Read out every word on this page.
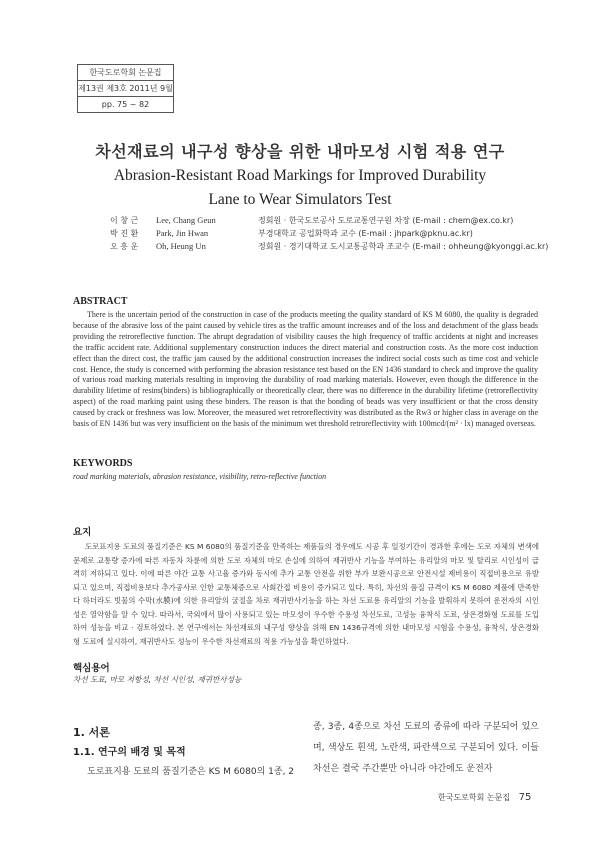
한국도로학회 논문집
제13권 제3호 2011년 9월
pp. 75 ~ 82
차선재료의 내구성 향상을 위한 내마모성 시험 적용 연구
Abrasion-Resistant Road Markings for Improved Durability Lane to Wear Simulators Test
이 창 근 Lee, Chang Geun	정회원 · 한국도로공사 도로교통연구원 차장 (E-mail : chem@ex.co.kr)
박 진 환 Park, Jin Hwan	부경대학교 공업화학과 교수 (E-mail : jhpark@pknu.ac.kr)
오 흥 운 Oh, Heung Un	정회원 · 경기대학교 도시교통공학과 조교수 (E-mail : ohheung@kyonggi.ac.kr)
ABSTRACT
There is the uncertain period of the construction in case of the products meeting the quality standard of KS M 6080, the quality is degraded because of the abrasive loss of the paint caused by vehicle tires as the traffic amount increases and of the loss and detachment of the glass beads providing the retroreflective function. The abrupt degradation of visibility causes the high frequency of traffic accidents at night and increases the traffic accident rate. Additional supplementary construction induces the direct material and construction costs. As the more cost induction effect than the direct cost, the traffic jam caused by the additional construction increases the indirect social costs such as time cost and vehicle cost. Hence, the study is concerned with performing the abrasion resistance test based on the EN 1436 standard to check and improve the quality of various road marking materials resulting in improving the durability of road marking materials. However, even though the difference in the durability lifetime of resins(binders) is bibliographically or theoretically clear, there was no difference in the durability lifetime (retroreflectivity aspect) of the road marking paint using these binders. The reason is that the bonding of beads was very insufficient or that the cross density caused by crack or freshness was low. Moreover, the measured wet retroreflectivity was distributed as the Rw3 or higher class in average on the basis of EN 1436 but was very insufficient on the basis of the minimum wet threshold retroreflectivity with 100mcd/(m² · lx) managed overseas.
KEYWORDS
road marking materials, abrasion resistance, visibility, retro-reflective function
요지
도로표지용 도료의 품질기준은 KS M 6080의 품질기준을 만족하는 제품들의 경우에도 시공 후 일정기간이 경과한 후에는 도로 자체의 변색에 문제로 교통량 증가에 따른 자동차 차륜에 의한 도로 자체의 마모 손실에 의하여 재귀반사 기능을 부여하는 유리알의 마모 및 탈리로 시인성이 급격히 저하되고 있다. 이에 따른 야간 교통 사고율 증가와 동시에 추가 교통 안전을 위한 부가 보완시공으로 안전시설 제비용이 직접비용으로 유발되고 있으며, 직접비용보다 추가공사로 인한 교통체증으로 사회간접 비용이 증가되고 있다. 특히, 차선의 품질 규격이 KS M 6080 제품에 만족한다 하더라도 빗물의 수막(水膜)에 의한 유리알의 굴절을 차로 재귀반사기능을 하는 차선 도료용 유리알의 기능을 발휘하지 못하여 운전자의 시인성은 열악함을 알 수 있다. 따라서, 국외에서 많이 사용되고 있는 마모성이 우수한 수용성 차선도료, 고성능 융착식 도료, 상온경화형 도료를 도입하여 성능을 비교 · 검토하였다. 본 연구에서는 차선재료의 내구성 향상을 위해 EN 1436규격에 의한 내마모성 시험을 수용성, 융착식, 상온경화형 도료에 실시하여, 재귀반사도 성능이 우수한 차선재료의 적용 가능성을 확인하였다.
핵심용어
차선 도료, 마모 저항성, 차선 시인성, 재귀반사성능
1. 서론
1.1. 연구의 배경 및 목적
도로표지용 도료의 품질기준은 KS M 6080의 1종, 2
종, 3종, 4종으로 차선 도료의 종류에 따라 구분되어 있으며, 색상도 흰색, 노란색, 파란색으로 구분되어 있다. 이들 차선은 결국 주간뿐만 아니라 야간에도 운전자
한국도로학회 논문집 75
